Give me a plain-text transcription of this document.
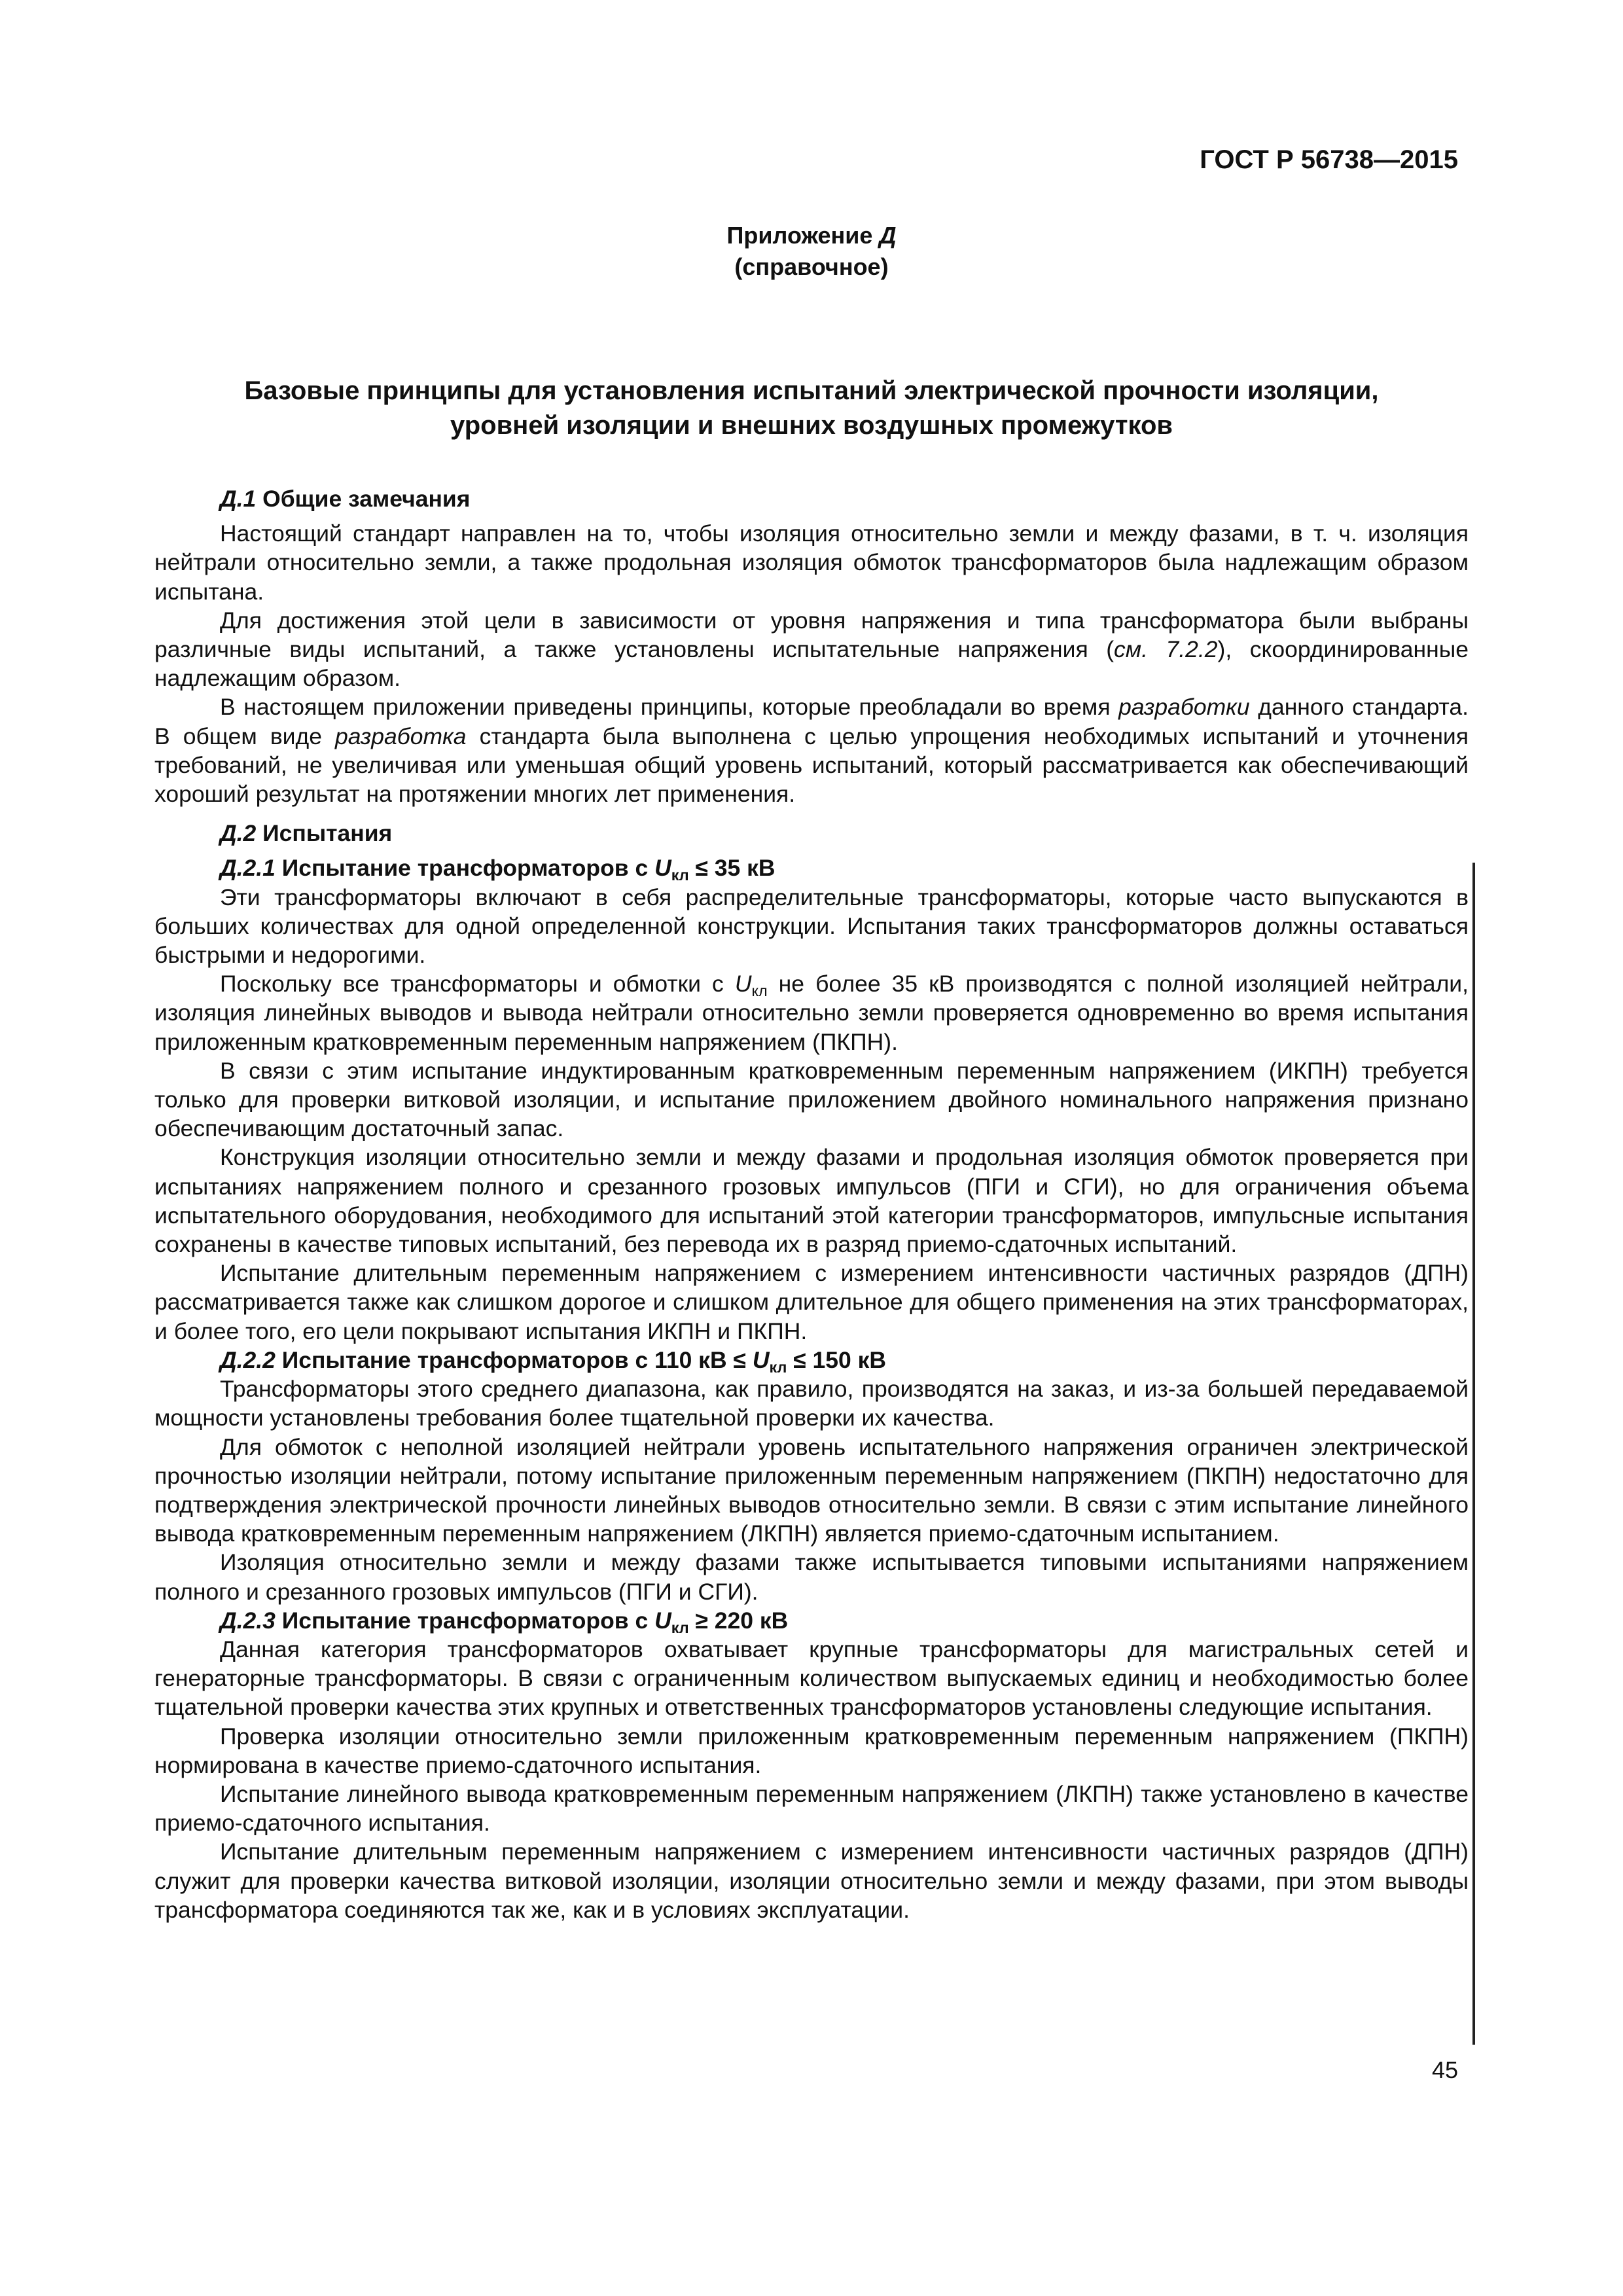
ГОСТ Р 56738—2015
Приложение Д
(справочное)
Базовые принципы для установления испытаний электрической прочности изоляции,
уровней изоляции и внешних воздушных промежутков
Д.1 Общие замечания

Настоящий стандарт направлен на то, чтобы изоляция относительно земли и между фазами, в т. ч. изоляция нейтрали относительно земли, а также продольная изоляция обмоток трансформаторов была надлежащим образом испытана.

Для достижения этой цели в зависимости от уровня напряжения и типа трансформатора были выбраны различные виды испытаний, а также установлены испытательные напряжения (см. 7.2.2), скоординированные надлежащим образом.

В настоящем приложении приведены принципы, которые преобладали во время разработки данного стандарта. В общем виде разработка стандарта была выполнена с целью упрощения необходимых испытаний и уточнения требований, не увеличивая или уменьшая общий уровень испытаний, который рассматривается как обеспечивающий хороший результат на протяжении многих лет применения.

Д.2 Испытания
Д.2.1 Испытание трансформаторов с $U_{кл} \le 35$ кВ

Эти трансформаторы включают в себя распределительные трансформаторы, которые часто выпускаются в больших количествах для одной определенной конструкции. Испытания таких трансформаторов должны оставаться быстрыми и недорогими.

Поскольку все трансформаторы и обмотки с $U_{кл}$ не более 35 кВ производятся с полной изоляцией нейтрали, изоляция линейных выводов и вывода нейтрали относительно земли проверяется одновременно во время испытания приложенным кратковременным переменным напряжением (ПКПН).

В связи с этим испытание индуктированным кратковременным переменным напряжением (ИКПН) требуется только для проверки витковой изоляции, и испытание приложением двойного номинального напряжения признано обеспечивающим достаточный запас.

Конструкция изоляции относительно земли и между фазами и продольная изоляция обмоток проверяется при испытаниях напряжением полного и срезанного грозовых импульсов (ПГИ и СГИ), но для ограничения объема испытательного оборудования, необходимого для испытаний этой категории трансформаторов, импульсные испытания сохранены в качестве типовых испытаний, без перевода их в разряд приемо-сдаточных испытаний.

Испытание длительным переменным напряжением с измерением интенсивности частичных разрядов (ДПН) рассматривается также как слишком дорогое и слишком длительное для общего применения на этих трансформаторах, и более того, его цели покрывают испытания ИКПН и ПКПН.

Д.2.2 Испытание трансформаторов с 110 кВ ≤ $U_{кл} \le 150$ кВ

Трансформаторы этого среднего диапазона, как правило, производятся на заказ, и из-за большей передаваемой мощности установлены требования более тщательной проверки их качества.

Для обмоток с неполной изоляцией нейтрали уровень испытательного напряжения ограничен электрической прочностью изоляции нейтрали, потому испытание приложенным переменным напряжением (ПКПН) недостаточно для подтверждения электрической прочности линейных выводов относительно земли. В связи с этим испытание линейного вывода кратковременным переменным напряжением (ЛКПН) является приемо-сдаточным испытанием.

Изоляция относительно земли и между фазами также испытывается типовыми испытаниями напряжением полного и срезанного грозовых импульсов (ПГИ и СГИ).

Д.2.3 Испытание трансформаторов с $U_{кл} \ge 220$ кВ

Данная категория трансформаторов охватывает крупные трансформаторы для магистральных сетей и генераторные трансформаторы. В связи с ограниченным количеством выпускаемых единиц и необходимостью более тщательной проверки качества этих крупных и ответственных трансформаторов установлены следующие испытания.

Проверка изоляции относительно земли приложенным кратковременным переменным напряжением (ПКПН) нормирована в качестве приемо-сдаточного испытания.

Испытание линейного вывода кратковременным переменным напряжением (ЛКПН) также установлено в качестве приемо-сдаточного испытания.

Испытание длительным переменным напряжением с измерением интенсивности частичных разрядов (ДПН) служит для проверки качества витковой изоляции, изоляции относительно земли и между фазами, при этом выводы трансформатора соединяются так же, как и в условиях эксплуатации.

45
